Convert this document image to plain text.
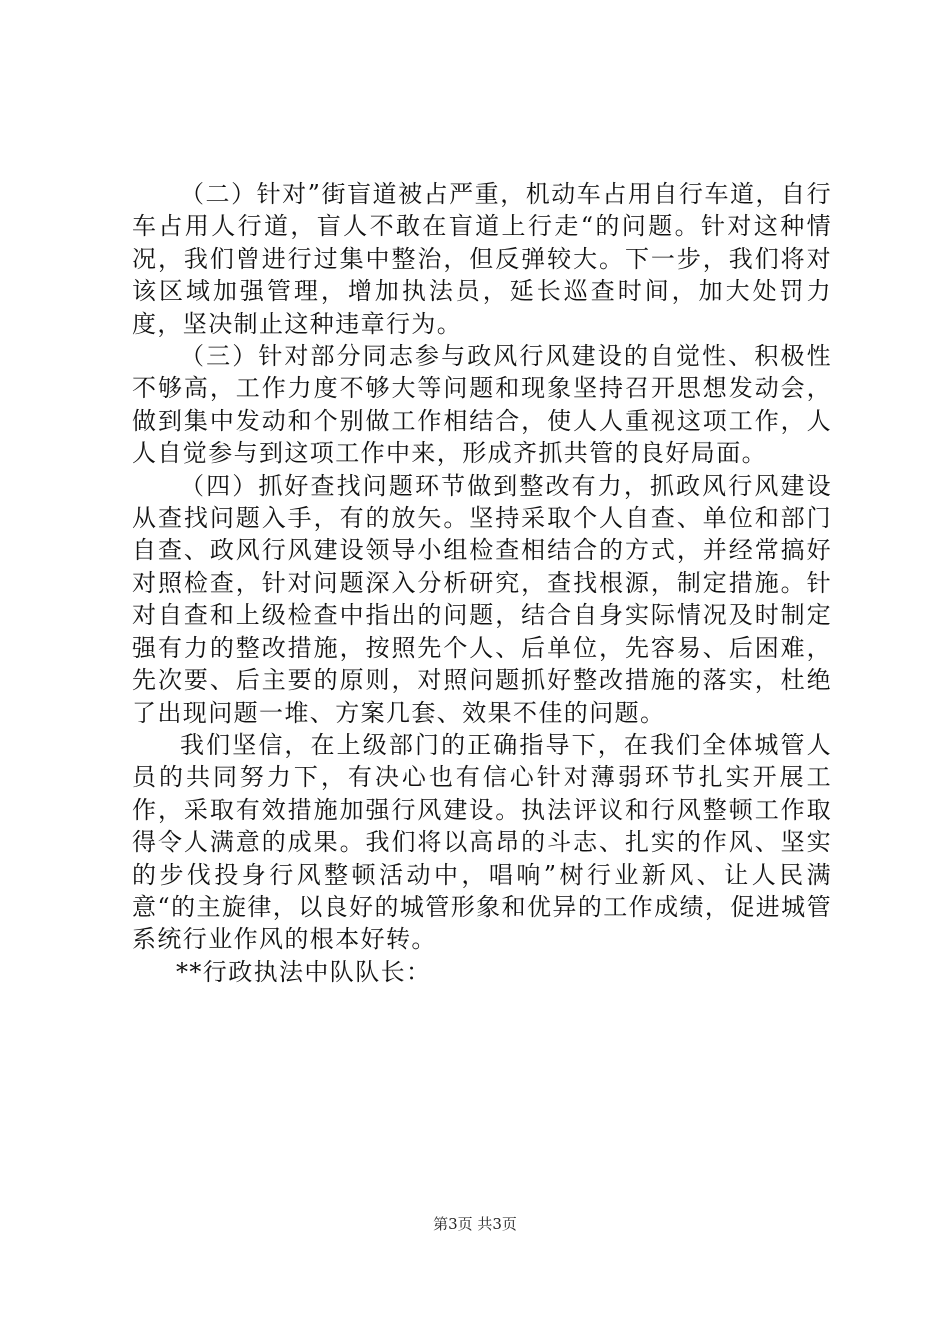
（二）针对”街盲道被占严重，机动车占用自行车道，自行车占用人行道，盲人不敢在盲道上行走“的问题。针对这种情况，我们曾进行过集中整治，但反弹较大。下一步，我们将对该区域加强管理，增加执法员，延长巡查时间，加大处罚力度，坚决制止这种违章行为。

（三）针对部分同志参与政风行风建设的自觉性、积极性不够高，工作力度不够大等问题和现象坚持召开思想发动会，做到集中发动和个别做工作相结合，使人人重视这项工作，人人自觉参与到这项工作中来，形成齐抓共管的良好局面。

（四）抓好查找问题环节做到整改有力，抓政风行风建设从查找问题入手，有的放矢。坚持采取个人自查、单位和部门自查、政风行风建设领导小组检查相结合的方式，并经常搞好对照检查，针对问题深入分析研究，查找根源，制定措施。针对自查和上级检查中指出的问题，结合自身实际情况及时制定强有力的整改措施，按照先个人、后单位，先容易、后困难，先次要、后主要的原则，对照问题抓好整改措施的落实，杜绝了出现问题一堆、方案几套、效果不佳的问题。

我们坚信，在上级部门的正确指导下，在我们全体城管人员的共同努力下，有决心也有信心针对薄弱环节扎实开展工作，采取有效措施加强行风建设。执法评议和行风整顿工作取得令人满意的成果。我们将以高昂的斗志、扎实的作风、坚实的步伐投身行风整顿活动中，唱响”树行业新风、让人民满意“的主旋律，以良好的城管形象和优异的工作成绩，促进城管系统行业作风的根本好转。

**行政执法中队队长：

第3页 共3页
